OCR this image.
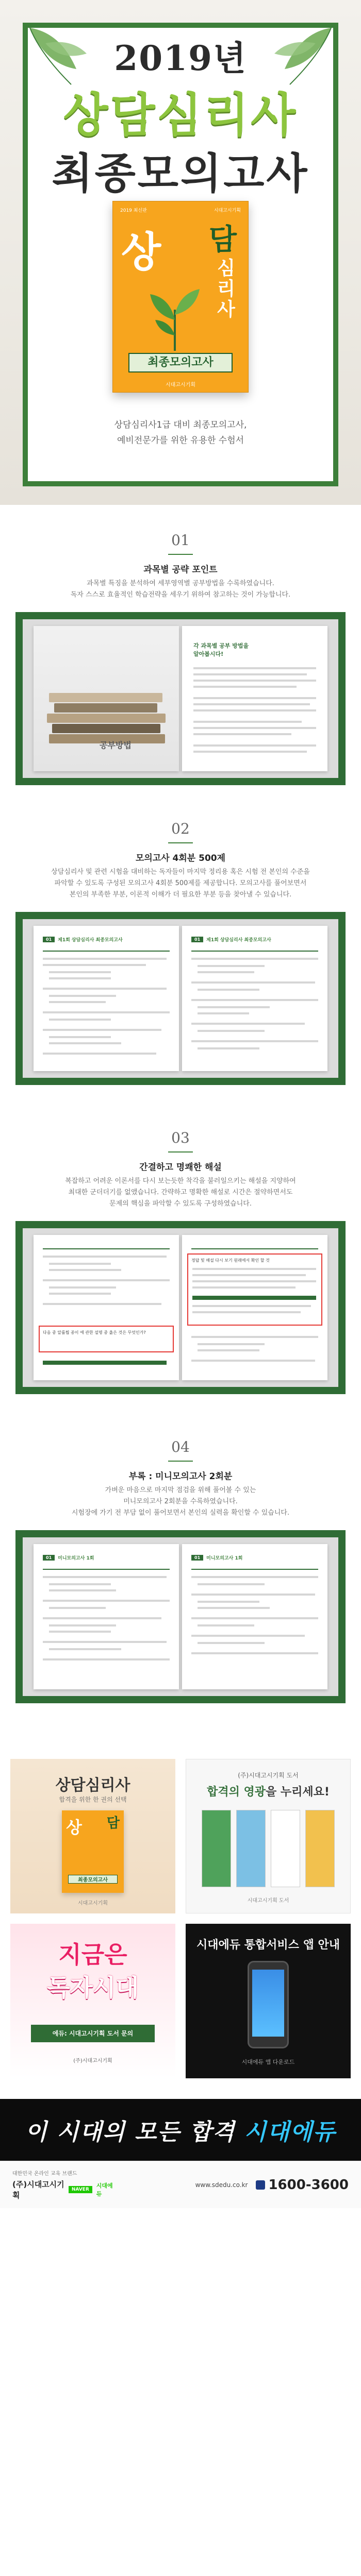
2019년
상담심리사
최종모의고사
2019 최신판	시대고시기획
상 담
심리사
최종모의고사
시대고시기획
상담심리사1급 대비 최종모의고사,
예비전문가를 위한 유용한 수험서
01
과목별 공략 포인트
과목별 특징을 분석하여 세부영역별 공부방법을 수록하였습니다.
독자 스스로 효율적인 학습전략을 세우기 위하여 참고하는 것이 가능합니다.
공부방법
각 과목별 공부 방법을 알아봅시다!
02
모의고사 4회분 500제
상담심리사 및 관련 시험을 대비하는 독자들이 마지막 정리용 혹은 시험 전 본인의 수준을
파악할 수 있도록 구성된 모의고사 4회분 500제를 제공합니다. 모의고사를 풀어보면서
본인의 부족한 부분, 이론적 이해가 더 필요한 부분 등을 찾아낼 수 있습니다.
01	제1회 상담심리사 최종모의고사	01	제1회 상담심리사 최종모의고사
03
간결하고 명쾌한 해설
복잡하고 어려운 이론서를 다시 보는듯한 착각을 불러일으키는 해설을 지양하여
최대한 군더더기를 없앴습니다. 간략하고 명확한 해설로 시간은 절약하면서도
문제의 핵심을 파악할 수 있도록 구성하였습니다.
다음 중 알롤뭡 종이 에 관한 설명 중 옳은 것은 무엇인가?
정답 및 해설 다시 보기 원래에서 확인 할 것
04
부록 : 미니모의고사 2회분
가벼운 마음으로 마지막 점검을 위해 풀어볼 수 있는
미니모의고사 2회분을 수록하였습니다.
시험장에 가기 전 부담 없이 풀어보면서 본인의 실력을 확인할 수 있습니다.
01	미니모의고사 1회	01	미니모의고사 1회
상담심리사
합격을 위한 한 권의 선택
상 담
최종모의고사
시대고시기획
(주)시대고시기획 도서
합격의 영광을 누리세요!
시대고시기획 도서
지금은
독자시대
에듀: 시대고시기획 도서 문의
(주)시대고시기획
시대에듀 통합서비스 앱 안내
시대에듀 앱 다운로드
이 시대의 모든 합격 시대에듀
대한민국 온라인 교육 브랜드
(주)시대고시기획
NAVER
시대에듀
www.sdedu.co.kr	1600-3600
